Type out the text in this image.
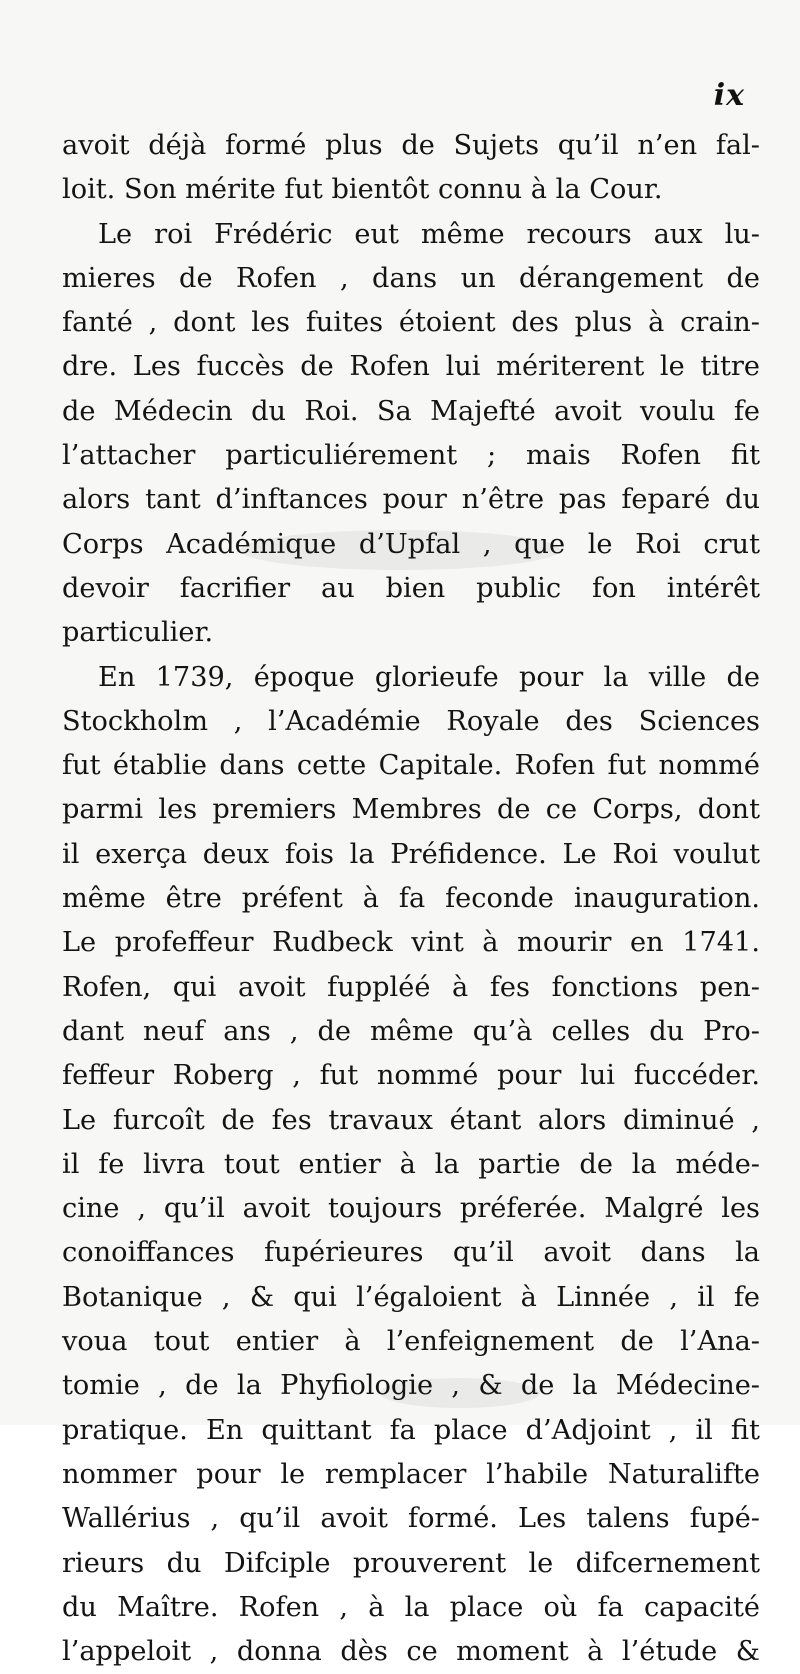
ix
avoit déjà formé plus de Sujets qu’il n’en fal-
loit. Son mérite fut bientôt connu à la Cour.
Le roi Frédéric eut même recours aux lu-
mieres de Rofen , dans un dérangement de
fanté , dont les fuites étoient des plus à crain-
dre. Les fuccès de Rofen lui mériterent le titre
de Médecin du Roi. Sa Majefté avoit voulu fe
l’attacher particuliérement ; mais Rofen fit
alors tant d’inftances pour n’être pas feparé du
Corps Académique d’Upfal , que le Roi crut
devoir facrifier au bien public fon intérêt
particulier.
En 1739, époque glorieufe pour la ville de
Stockholm , l’Académie Royale des Sciences
fut établie dans cette Capitale. Rofen fut nommé
parmi les premiers Membres de ce Corps, dont
il exerça deux fois la Préfidence. Le Roi voulut
même être préfent à fa feconde inauguration.
Le profeffeur Rudbeck vint à mourir en 1741.
Rofen, qui avoit fuppléé à fes fonctions pen-
dant neuf ans , de même qu’à celles du Pro-
feffeur Roberg , fut nommé pour lui fuccéder.
Le furcoît de fes travaux étant alors diminué ,
il fe livra tout entier à la partie de la méde-
cine , qu’il avoit toujours préferée. Malgré les
conoiffances fupérieures qu’il avoit dans la
Botanique , & qui l’égaloient à Linnée , il fe
voua tout entier à l’enfeignement de l’Ana-
tomie , de la Phyfiologie , & de la Médecine-
pratique. En quittant fa place d’Adjoint , il fit
nommer pour le remplacer l’habile Naturalifte
Wallérius , qu’il avoit formé. Les talens fupé-
rieurs du Difciple prouverent le difcernement
du Maître. Rofen , à la place où fa capacité
l’appeloit , donna dès ce moment à l’étude &
